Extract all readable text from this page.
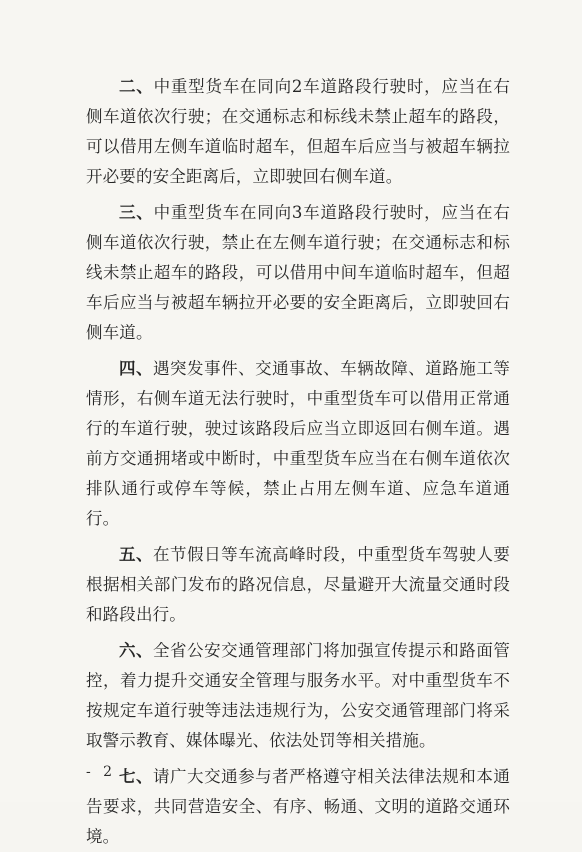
二、中重型货车在同向2车道路段行驶时，应当在右侧车道依次行驶；在交通标志和标线未禁止超车的路段，可以借用左侧车道临时超车，但超车后应当与被超车辆拉开必要的安全距离后，立即驶回右侧车道。

三、中重型货车在同向3车道路段行驶时，应当在右侧车道依次行驶，禁止在左侧车道行驶；在交通标志和标线未禁止超车的路段，可以借用中间车道临时超车，但超车后应当与被超车辆拉开必要的安全距离后，立即驶回右侧车道。

四、遇突发事件、交通事故、车辆故障、道路施工等情形，右侧车道无法行驶时，中重型货车可以借用正常通行的车道行驶，驶过该路段后应当立即返回右侧车道。遇前方交通拥堵或中断时，中重型货车应当在右侧车道依次排队通行或停车等候，禁止占用左侧车道、应急车道通行。

五、在节假日等车流高峰时段，中重型货车驾驶人要根据相关部门发布的路况信息，尽量避开大流量交通时段和路段出行。

六、全省公安交通管理部门将加强宣传提示和路面管控，着力提升交通安全管理与服务水平。对中重型货车不按规定车道行驶等违法违规行为，公安交通管理部门将采取警示教育、媒体曝光、依法处罚等相关措施。

七、请广大交通参与者严格遵守相关法律法规和本通告要求，共同营造安全、有序、畅通、文明的道路交通环境。

- 2 -
